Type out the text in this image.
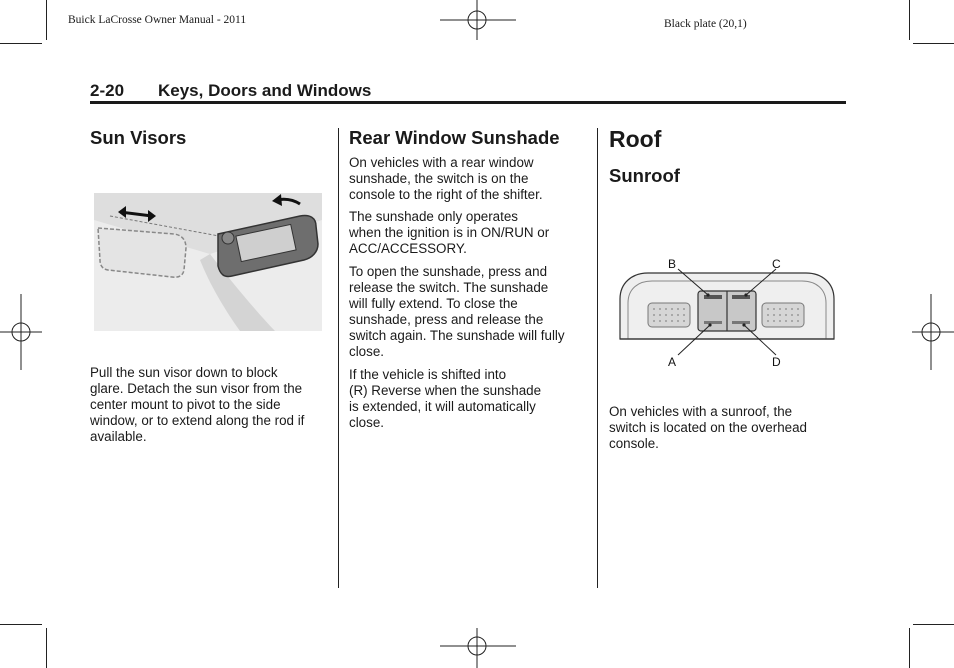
Buick LaCrosse Owner Manual - 2011	Black plate (20,1)
2-20 Keys, Doors and Windows
Sun Visors
Pull the sun visor down to block
glare. Detach the sun visor from the
center mount to pivot to the side
window, or to extend along the rod if
available.
Rear Window Sunshade
On vehicles with a rear window
sunshade, the switch is on the
console to the right of the shifter.
The sunshade only operates
when the ignition is in ON/RUN or
ACC/ACCESSORY.
To open the sunshade, press and
release the switch. The sunshade
will fully extend. To close the
sunshade, press and release the
switch again. The sunshade will fully
close.
If the vehicle is shifted into
(R) Reverse when the sunshade
is extended, it will automatically
close.
Roof
Sunroof
B	C
A	D
On vehicles with a sunroof, the
switch is located on the overhead
console.
